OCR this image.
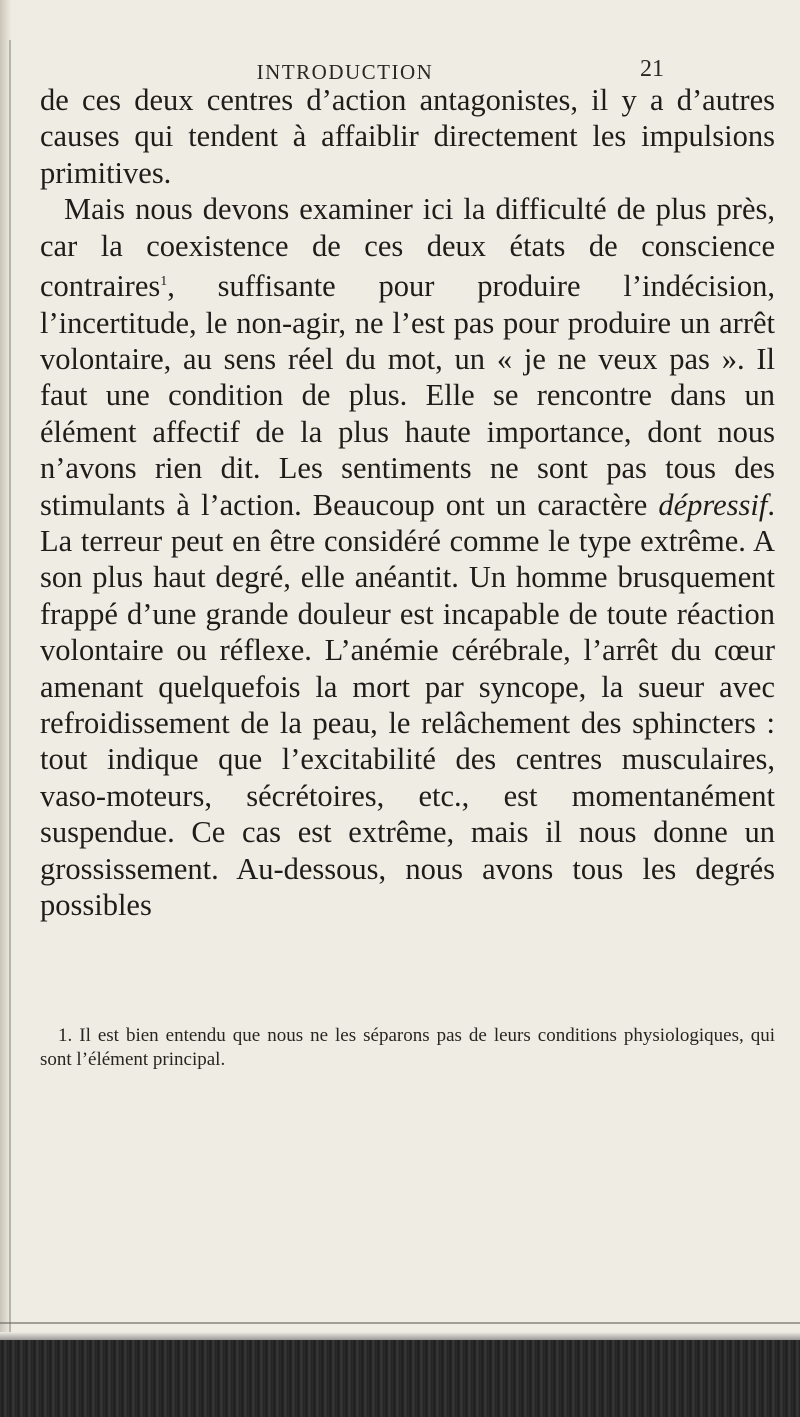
INTRODUCTION	21

de ces deux centres d’action antagonistes, il y a d’autres causes qui tendent à affaiblir directement les impulsions primitives.

Mais nous devons examiner ici la difficulté de plus près, car la coexistence de ces deux états de conscience contraires$^1$, suffisante pour produire l’indécision, l’incertitude, le non-agir, ne l’est pas pour produire un arrêt volontaire, au sens réel du mot, un « je ne veux pas ». Il faut une condition de plus. Elle se rencontre dans un élément affectif de la plus haute importance, dont nous n’avons rien dit. Les sentiments ne sont pas tous des stimulants à l’action. Beaucoup ont un caractère dépressif. La terreur peut en être considéré comme le type extrême. A son plus haut degré, elle anéantit. Un homme brusquement frappé d’une grande douleur est incapable de toute réaction volontaire ou réflexe. L’anémie cérébrale, l’arrêt du cœur amenant quelquefois la mort par syncope, la sueur avec refroidissement de la peau, le relâchement des sphincters : tout indique que l’excitabilité des centres musculaires, vaso-moteurs, sécrétoires, etc., est momentanément suspendue. Ce cas est extrême, mais il nous donne un grossissement. Au-dessous, nous avons tous les degrés possibles

1. Il est bien entendu que nous ne les séparons pas de leurs conditions physiologiques, qui sont l’élément principal.
